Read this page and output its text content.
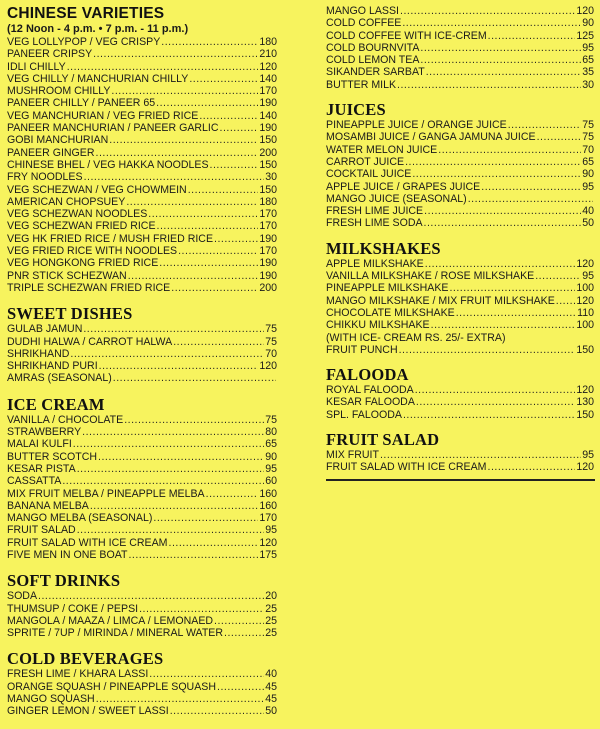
CHINESE VARIETIES
(12 Noon - 4 p.m. • 7 p.m. - 11 p.m.)
VEG LOLLYPOP / VEG CRISPY .....	180
PANEER CRIPSY .....	210
IDLI CHILLY .....	120
VEG CHILLY / MANCHURIAN CHILLY .....	140
MUSHROOM CHILLY .....	170
PANEER CHILLY / PANEER 65 .....	190
VEG MANCHURIAN / VEG FRIED RICE .....	140
PANEER MANCHURIAN / PANEER GARLIC .....	190
GOBI MANCHURIAN .....	150
PANEER GINGER .....	200
CHINESE BHEL / VEG HAKKA NOODLES .....	150
FRY NOODLES .....	30
VEG SCHEZWAN / VEG CHOWMEIN .....	150
AMERICAN CHOPSUEY .....	180
VEG SCHEZWAN NOODLES .....	170
VEG SCHEZWAN FRIED RICE .....	170
VEG HK FRIED RICE / MUSH FRIED RICE .....	190
VEG FRIED RICE WITH NOODLES .....	170
VEG HONGKONG FRIED RICE .....	190
PNR STICK SCHEZWAN .....	190
TRIPLE SCHEZWAN FRIED RICE .....	200
SWEET DISHES
GULAB JAMUN .....	75
DUDHI HALWA / CARROT HALWA .....	75
SHRIKHAND .....	70
SHRIKHAND PURI .....	120
AMRAS (SEASONAL)
.....
ICE CREAM
VANILLA / CHOCOLATE .....	75
STRAWBERRY .....	80
MALAI KULFI .....	65
BUTTER SCOTCH .....	90
KESAR PISTA .....	95
CASSATTA .....	60
MIX FRUIT MELBA / PINEAPPLE MELBA .....	160
BANANA MELBA .....	160
MANGO MELBA (SEASONAL) .....	170
FRUIT SALAD .....	95
FRUIT SALAD WITH ICE CREAM .....	120
FIVE MEN IN ONE BOAT .....	175
SOFT DRINKS
SODA .....	20
THUMSUP / COKE / PEPSI .....	25
MANGOLA / MAAZA / LIMCA / LEMONAED .....	25
SPRITE / 7UP / MIRINDA / MINERAL WATER .....	25
COLD BEVERAGES
FRESH LIME / KHARA LASSI .....	40
ORANGE SQUASH / PINEAPPLE SQUASH .....	45
MANGO SQUASH .....	45
GINGER LEMON / SWEET LASSI .....	50
MANGO LASSI .....	120
COLD COFFEE .....	90
COLD COFFEE WITH ICE-CREM .....	125
COLD BOURNVITA .....	95
COLD LEMON TEA .....	65
SIKANDER SARBAT .....	35
BUTTER MILK .....	30
JUICES
PINEAPPLE JUICE / ORANGE JUICE .....	75
MOSAMBI JUICE / GANGA JAMUNA JUICE .....	75
WATER MELON JUICE .....	70
CARROT JUICE .....	65
COCKTAIL JUICE .....	90
APPLE JUICE / GRAPES JUICE .....	95
MANGO JUICE (SEASONAL)
.....
FRESH LIME JUICE .....	40
FRESH LIME SODA .....	50
MILKSHAKES
APPLE MILKSHAKE .....	120
VANILLA MILKSHAKE / ROSE MILKSHAKE .....	95
PINEAPPLE MILKSHAKE .....	100
MANGO MILKSHAKE / MIX FRUIT MILKSHAKE ..... 120
CHOCOLATE MILKSHAKE .....	110
CHIKKU MILKSHAKE .....	100
(WITH ICE- CREAM RS. 25/- EXTRA)
FRUIT PUNCH .....	150
FALOODA
ROYAL FALOODA .....	120
KESAR FALOODA .....	130
SPL. FALOODA .....	150
FRUIT SALAD
MIX FRUIT .....	95
FRUIT SALAD WITH ICE CREAM .....	120
